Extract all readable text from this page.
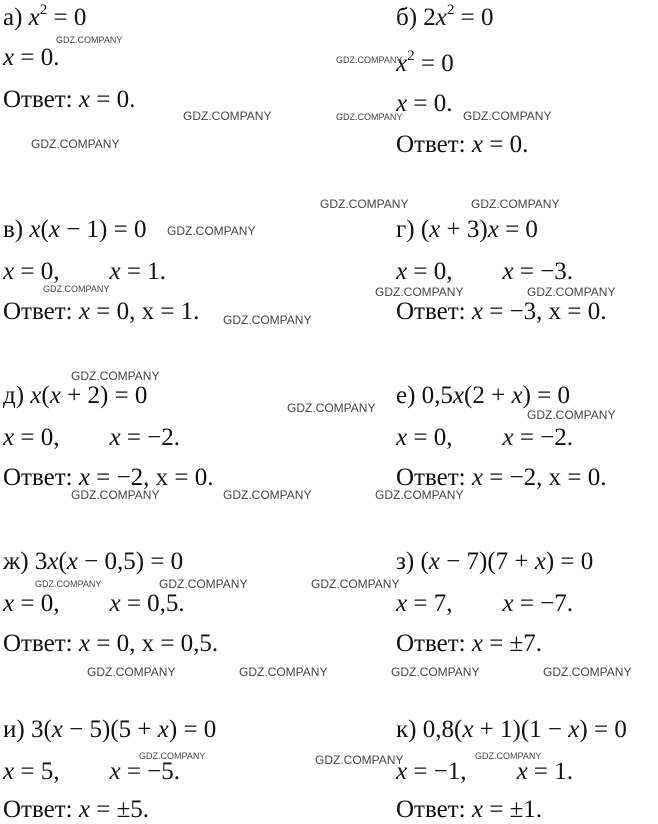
а) $x^2 = 0$
x = 0.
Ответ: x = 0.
б) $2x^2 = 0$
$x^2 = 0$
x = 0.
Ответ: x = 0.
в) x(x − 1) = 0
x = 0, x = 1.
Ответ: x = 0, x = 1.
г) (x + 3)x = 0
x = 0, x = −3.
Ответ: x = −3, x = 0.
д) x(x + 2) = 0
x = 0, x = −2.
Ответ: x = −2, x = 0.
е) 0,5x(2 + x) = 0
x = 0, x = −2.
Ответ: x = −2, x = 0.
ж) 3x(x − 0,5) = 0
x = 0, x = 0,5.
Ответ: x = 0, x = 0,5.
з) (x − 7)(7 + x) = 0
x = 7, x = −7.
Ответ: x = ±7.
и) 3(x − 5)(5 + x) = 0
x = 5, x = −5.
Ответ: x = ±5.
к) 0,8(x + 1)(1 − x) = 0
x = −1, x = 1.
Ответ: x = ±1.
GDZ.COMPANY
GDZ.COMPANY
GDZ.COMPANY	GDZ.COMPANY	GDZ.COMPANY
GDZ.COMPANY
GDZ.COMPANY	GDZ.COMPANY
GDZ.COMPANY
GDZ.COMPANY	GDZ.COMPANY	GDZ.COMPANY
GDZ.COMPANY
GDZ.COMPANY
GDZ.COMPANY	GDZ.COMPANY
GDZ.COMPANY	GDZ.COMPANY	GDZ.COMPANY
GDZ.COMPANY	GDZ.COMPANY	GDZ.COMPANY
GDZ.COMPANY	GDZ.COMPANY	GDZ.COMPANY	GDZ.COMPANY
GDZ.COMPANY	GDZ.COMPANY	GDZ.COMPANY
